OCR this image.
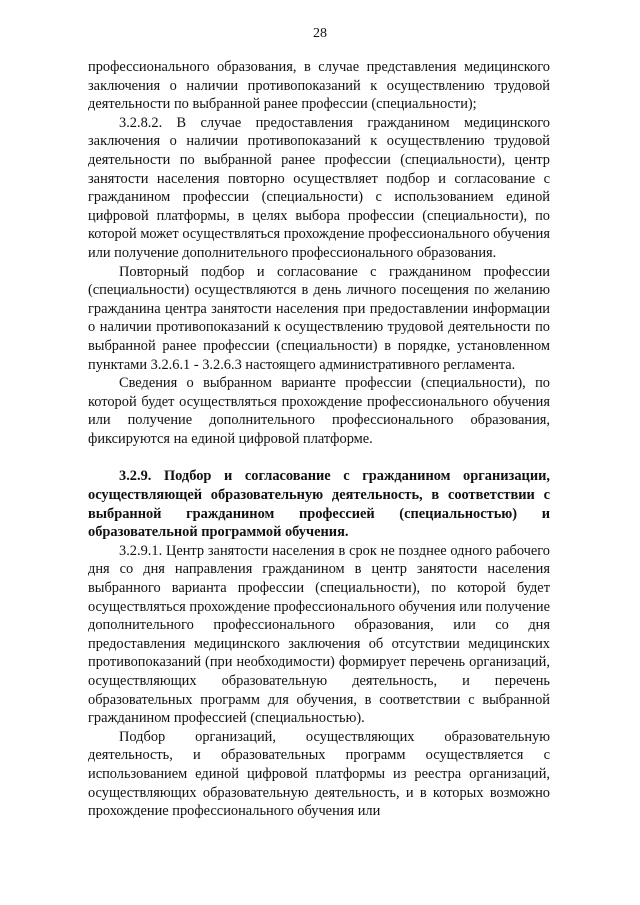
28

профессионального образования, в случае представления медицинского заключения о наличии противопоказаний к осуществлению трудовой деятельности по выбранной ранее профессии (специальности);

3.2.8.2. В случае предоставления гражданином медицинского заключения о наличии противопоказаний к осуществлению трудовой деятельности по выбранной ранее профессии (специальности), центр занятости населения повторно осуществляет подбор и согласование с гражданином профессии (специальности) с использованием единой цифровой платформы, в целях выбора профессии (специальности), по которой может осуществляться прохождение профессионального обучения или получение дополнительного профессионального образования.

Повторный подбор и согласование с гражданином профессии (специальности) осуществляются в день личного посещения по желанию гражданина центра занятости населения при предоставлении информации о наличии противопоказаний к осуществлению трудовой деятельности по выбранной ранее профессии (специальности) в порядке, установленном пунктами 3.2.6.1 - 3.2.6.3 настоящего административного регламента.

Сведения о выбранном варианте профессии (специальности), по которой будет осуществляться прохождение профессионального обучения или получение дополнительного профессионального образования, фиксируются на единой цифровой платформе.

3.2.9. Подбор и согласование с гражданином организации, осуществляющей образовательную деятельность, в соответствии с выбранной гражданином профессией (специальностью) и образовательной программой обучения.

3.2.9.1. Центр занятости населения в срок не позднее одного рабочего дня со дня направления гражданином в центр занятости населения выбранного варианта профессии (специальности), по которой будет осуществляться прохождение профессионального обучения или получение дополнительного профессионального образования, или со дня предоставления медицинского заключения об отсутствии медицинских противопоказаний (при необходимости) формирует перечень организаций, осуществляющих образовательную деятельность, и перечень образовательных программ для обучения, в соответствии с выбранной гражданином профессией (специальностью).

Подбор организаций, осуществляющих образовательную деятельность, и образовательных программ осуществляется с использованием единой цифровой платформы из реестра организаций, осуществляющих образовательную деятельность, и в которых возможно прохождение профессионального обучения или
